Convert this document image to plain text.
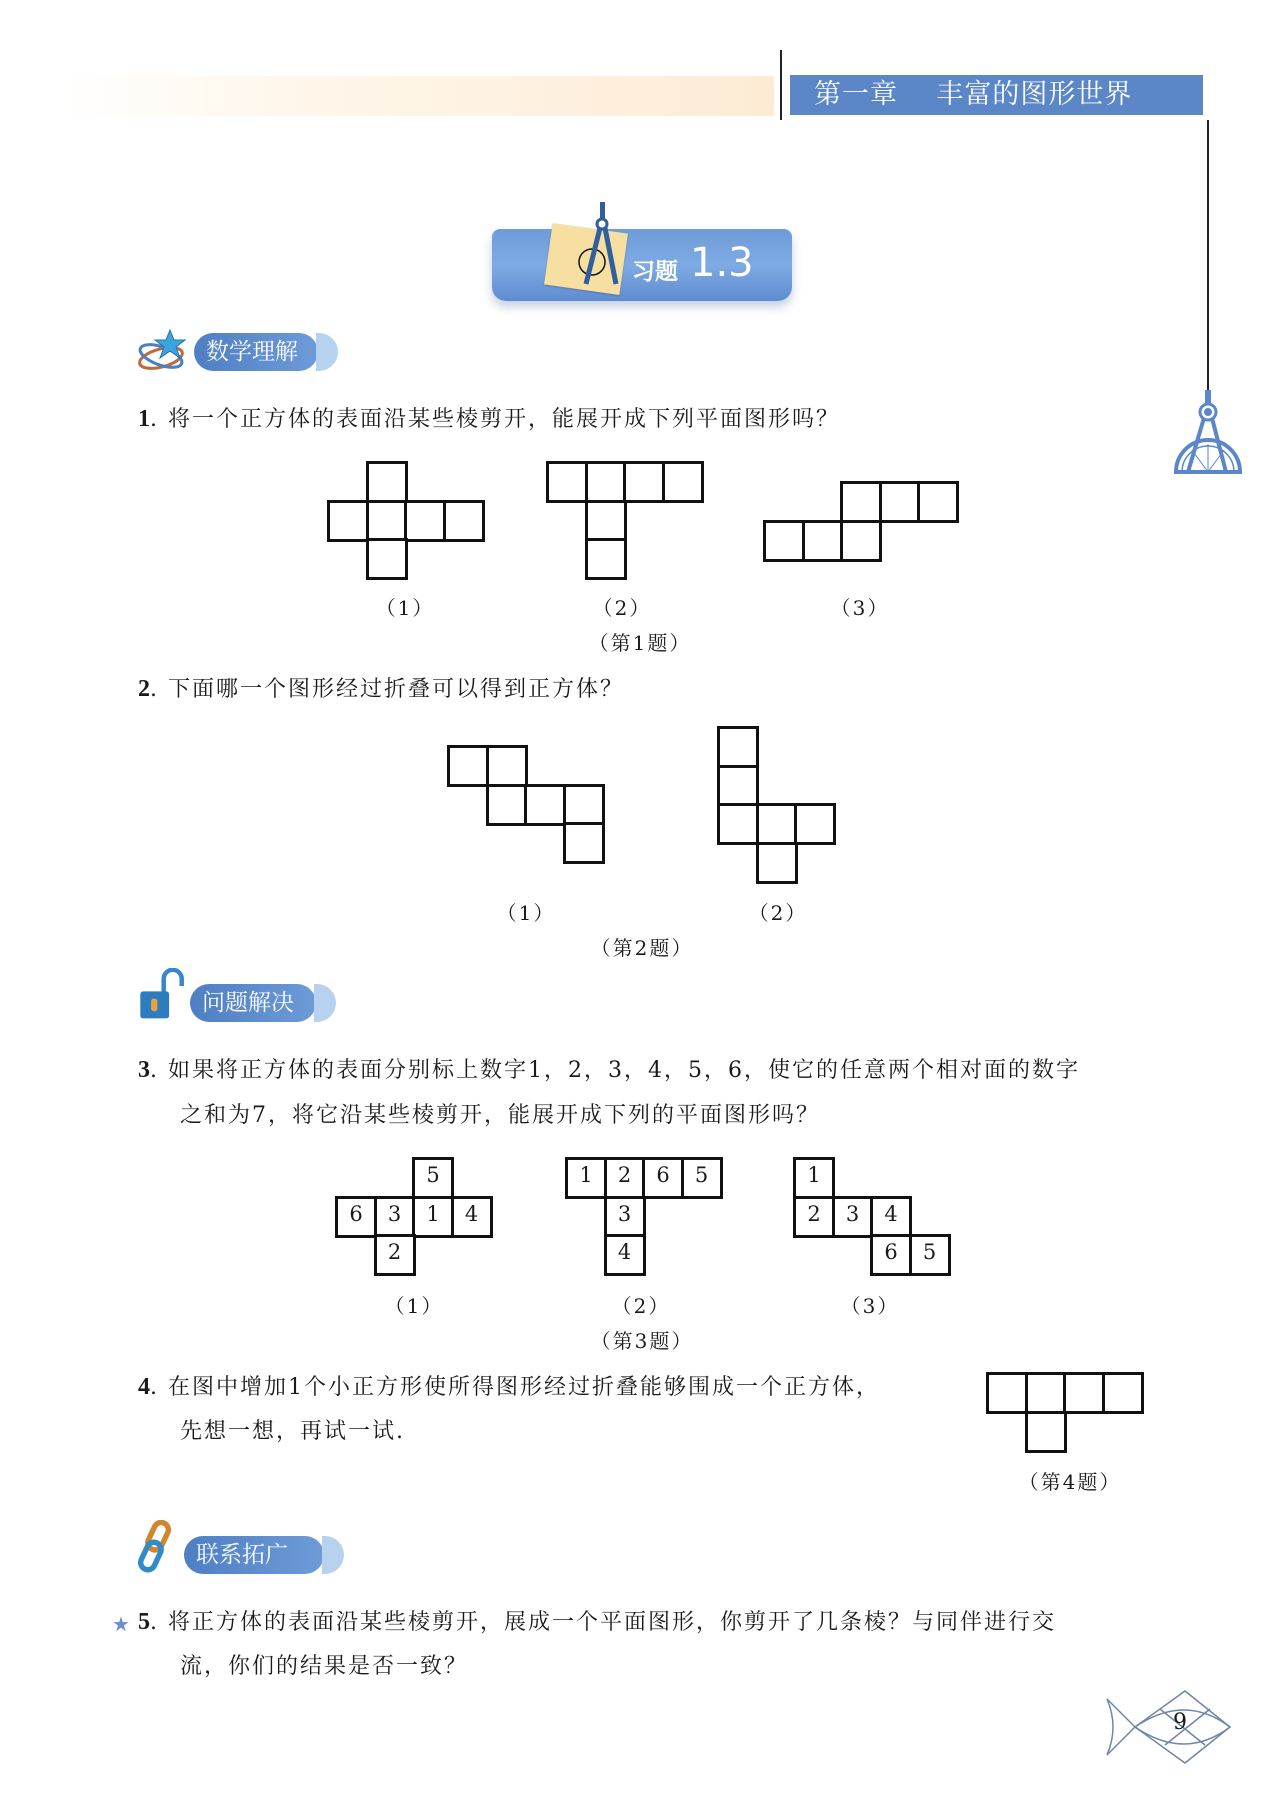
第一章 丰富的图形世界
习题 1.3
数学理解
1. 将一个正方体的表面沿某些棱剪开，能展开成下列平面图形吗？
（1）	（2）	（3）
（第1题）
2. 下面哪一个图形经过折叠可以得到正方体？
（1）	（2）
（第2题）
问题解决
3. 如果将正方体的表面分别标上数字1，2，3，4，5，6，使它的任意两个相对面的数字
之和为7，将它沿某些棱剪开，能展开成下列的平面图形吗？
5
6	3	1	4
2
1	2	6	5
3
4
1
2	3	4
6	5
（1）	（2）	（3）
（第3题）
4. 在图中增加1个小正方形使所得图形经过折叠能够围成一个正方体，
先想一想，再试一试.
（第4题）
联系拓广
★ 5. 将正方体的表面沿某些棱剪开，展成一个平面图形，你剪开了几条棱？与同伴进行交
流，你们的结果是否一致？
9
